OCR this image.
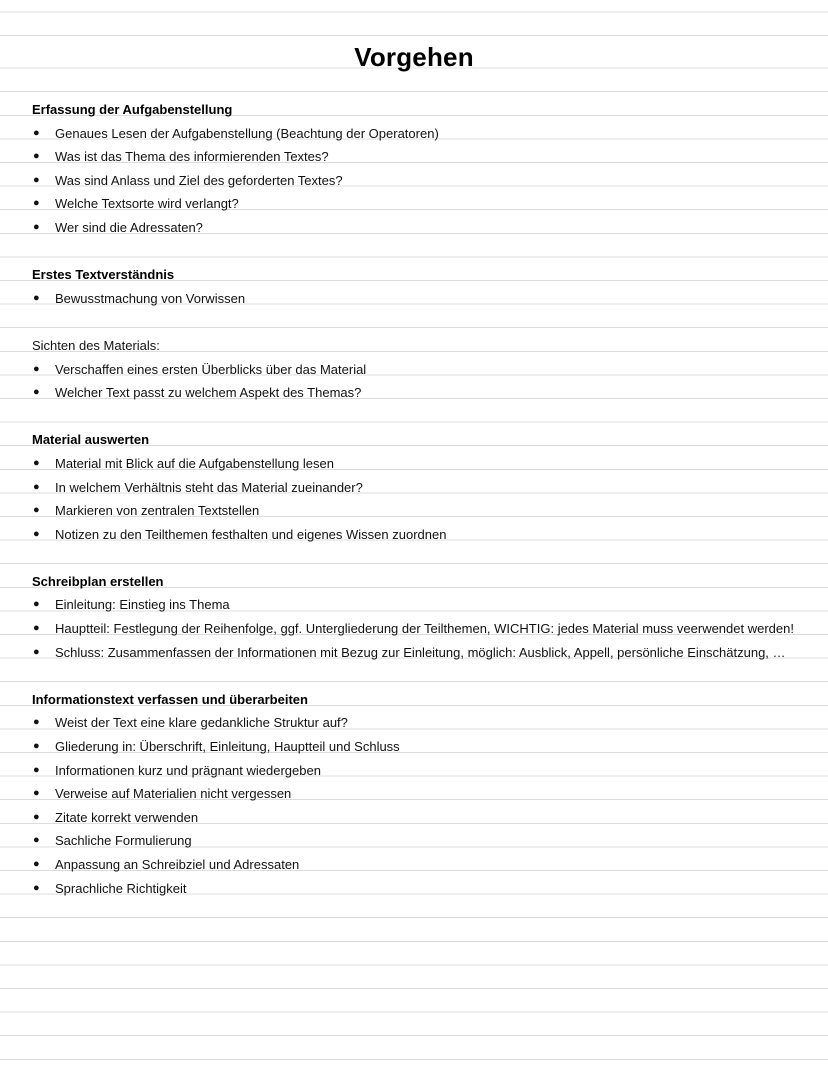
Vorgehen
Erfassung der Aufgabenstellung
● Genaues Lesen der Aufgabenstellung (Beachtung der Operatoren)
● Was ist das Thema des informierenden Textes?
● Was sind Anlass und Ziel des geforderten Textes?
● Welche Textsorte wird verlangt?
● Wer sind die Adressaten?
Erstes Textverständnis
● Bewusstmachung von Vorwissen
Sichten des Materials:
● Verschaffen eines ersten Überblicks über das Material
● Welcher Text passt zu welchem Aspekt des Themas?
Material auswerten
● Material mit Blick auf die Aufgabenstellung lesen
● In welchem Verhältnis steht das Material zueinander?
● Markieren von zentralen Textstellen
● Notizen zu den Teilthemen festhalten und eigenes Wissen zuordnen
Schreibplan erstellen
● Einleitung: Einstieg ins Thema
● Hauptteil: Festlegung der Reihenfolge, ggf. Untergliederung der Teilthemen, WICHTIG: jedes Material muss veerwendet werden!
● Schluss: Zusammenfassen der Informationen mit Bezug zur Einleitung, möglich: Ausblick, Appell, persönliche Einschätzung, …
Informationstext verfassen und überarbeiten
● Weist der Text eine klare gedankliche Struktur auf?
● Gliederung in: Überschrift, Einleitung, Hauptteil und Schluss
● Informationen kurz und prägnant wiedergeben
● Verweise auf Materialien nicht vergessen
● Zitate korrekt verwenden
● Sachliche Formulierung
● Anpassung an Schreibziel und Adressaten
● Sprachliche Richtigkeit
